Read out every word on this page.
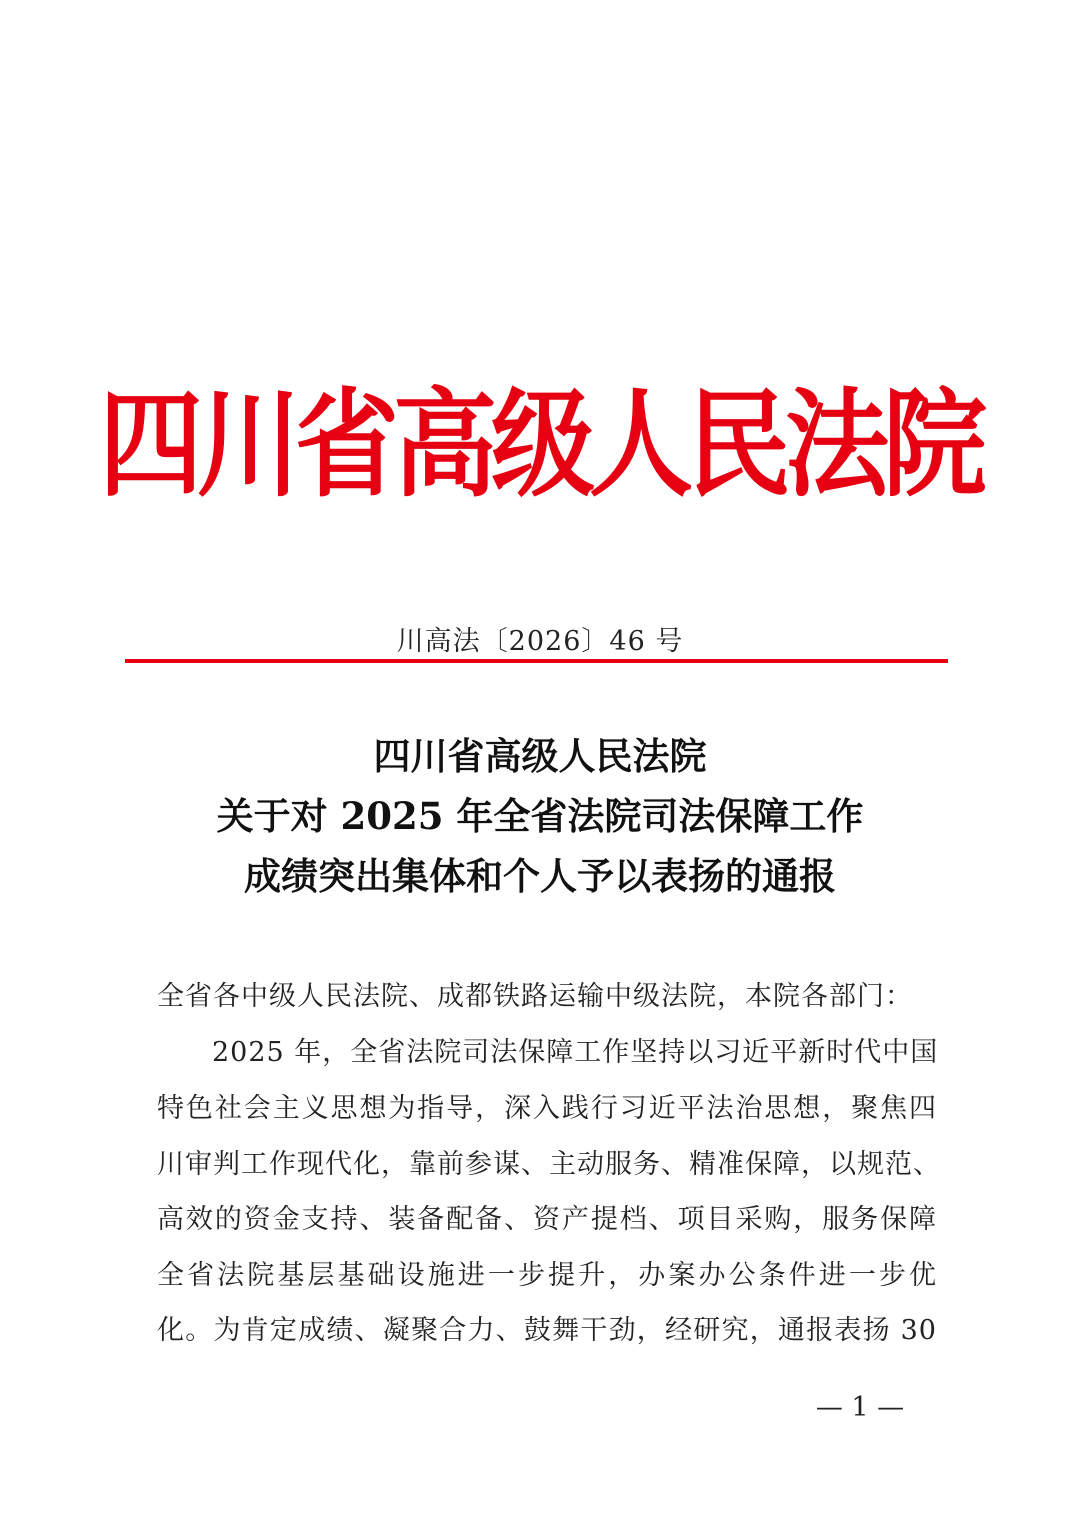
四川省高级人民法院
川高法〔2026〕46 号
四川省高级人民法院
关于对 2025 年全省法院司法保障工作
成绩突出集体和个人予以表扬的通报
全省各中级人民法院、成都铁路运输中级法院，本院各部门：
2025 年，全省法院司法保障工作坚持以习近平新时代中国
特色社会主义思想为指导，深入践行习近平法治思想，聚焦四
川审判工作现代化，靠前参谋、主动服务、精准保障，以规范、
高效的资金支持、装备配备、资产提档、项目采购，服务保障
全省法院基层基础设施进一步提升，办案办公条件进一步优
化。为肯定成绩、凝聚合力、鼓舞干劲，经研究，通报表扬 30
— 1 —
